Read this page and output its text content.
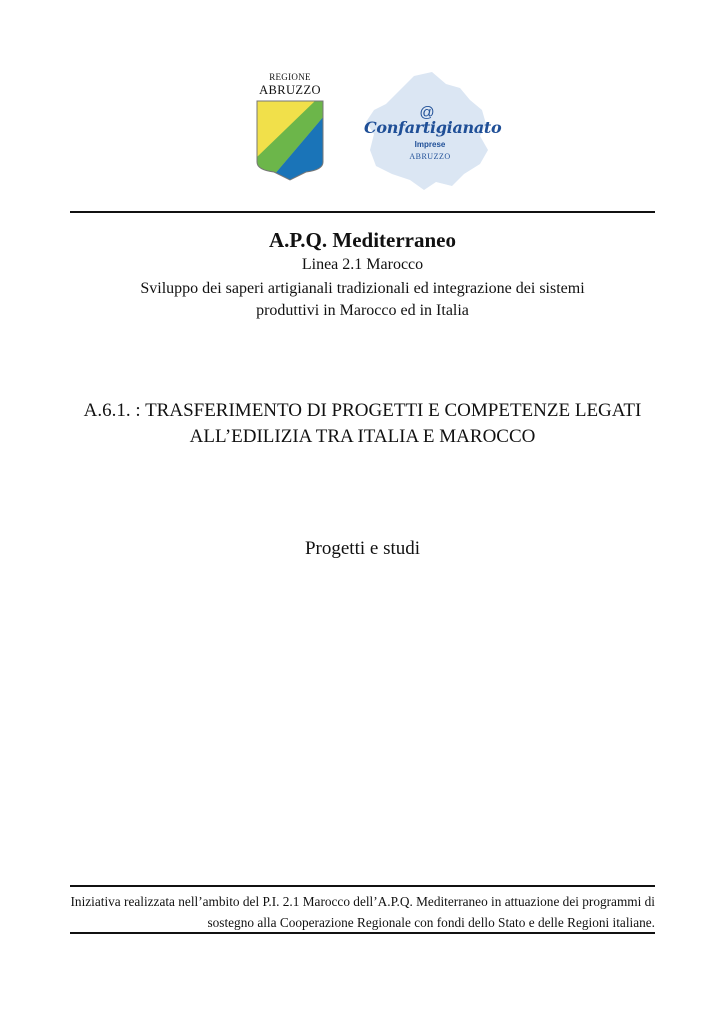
REGIONE
ABRUZZO
@
Confartigianato
Imprese
ABRUZZO
A.P.Q. Mediterraneo
Linea 2.1 Marocco
Sviluppo dei saperi artigianali tradizionali ed integrazione dei sistemi produttivi in Marocco ed in Italia
A.6.1. : TRASFERIMENTO DI PROGETTI E COMPETENZE LEGATI ALL’EDILIZIA TRA ITALIA E MAROCCO
Progetti e studi
Iniziativa realizzata nell’ambito del P.I. 2.1 Marocco dell’A.P.Q. Mediterraneo in attuazione dei programmi di sostegno alla Cooperazione Regionale con fondi dello Stato e delle Regioni italiane.
